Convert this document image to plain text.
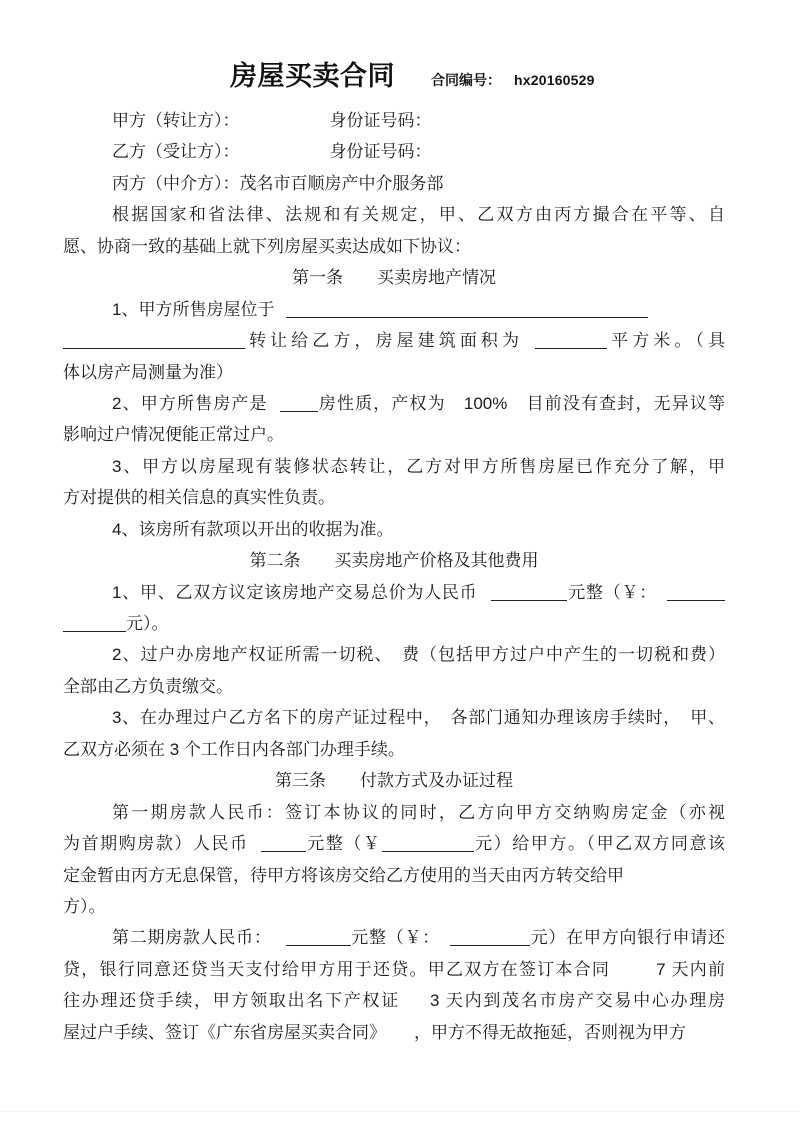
房屋买卖合同	合同编号： hx20160529
甲方（转让方）：	身份证号码：
乙方（受让方）：	身份证号码：
丙方（中介方）：茂名市百顺房产中介服务部
根据国家和省法律、法规和有关规定，甲、乙双方由丙方撮合在平等、自
愿、协商一致的基础上就下列房屋买卖达成如下协议：
第一条　　买卖房地产情况
1、甲方所售房屋位于
转让给乙方，房屋建筑面积为	平方米。（具
体以房产局测量为准）
2、甲方所售房产是	房性质，产权为　100%　目前没有查封，无异议等
影响过户情况便能正常过户。
3、甲方以房屋现有装修状态转让，乙方对甲方所售房屋已作充分了解，甲
方对提供的相关信息的真实性负责。
4、该房所有款项以开出的收据为准。
第二条　　买卖房地产价格及其他费用
1、甲、乙双方议定该房地产交易总价为人民币	元整（￥：
元）。
2、过户办房地产权证所需一切税、　费（包括甲方过户中产生的一切税和费）
全部由乙方负责缴交。
3、在办理过户乙方名下的房产证过程中，　各部门通知办理该房手续时，　甲、
乙双方必须在 3 个工作日内各部门办理手续。
第三条　　付款方式及办证过程
第一期房款人民币：签订本协议的同时，乙方向甲方交纳购房定金（亦视
为首期购房款）人民币	元整（￥	元）给甲方。（甲乙双方同意该
定金暂由丙方无息保管，待甲方将该房交给乙方使用的当天由丙方转交给甲
方）。
第二期房款人民币：	元整（￥：	元）在甲方向银行申请还
贷，银行同意还贷当天支付给甲方用于还贷。甲乙双方在签订本合同	7 天内前
往办理还贷手续，甲方领取出名下产权证 3 天内到茂名市房产交易中心办理房
屋过户手续、签订《广东省房屋买卖合同》 ，甲方不得无故拖延，否则视为甲方
